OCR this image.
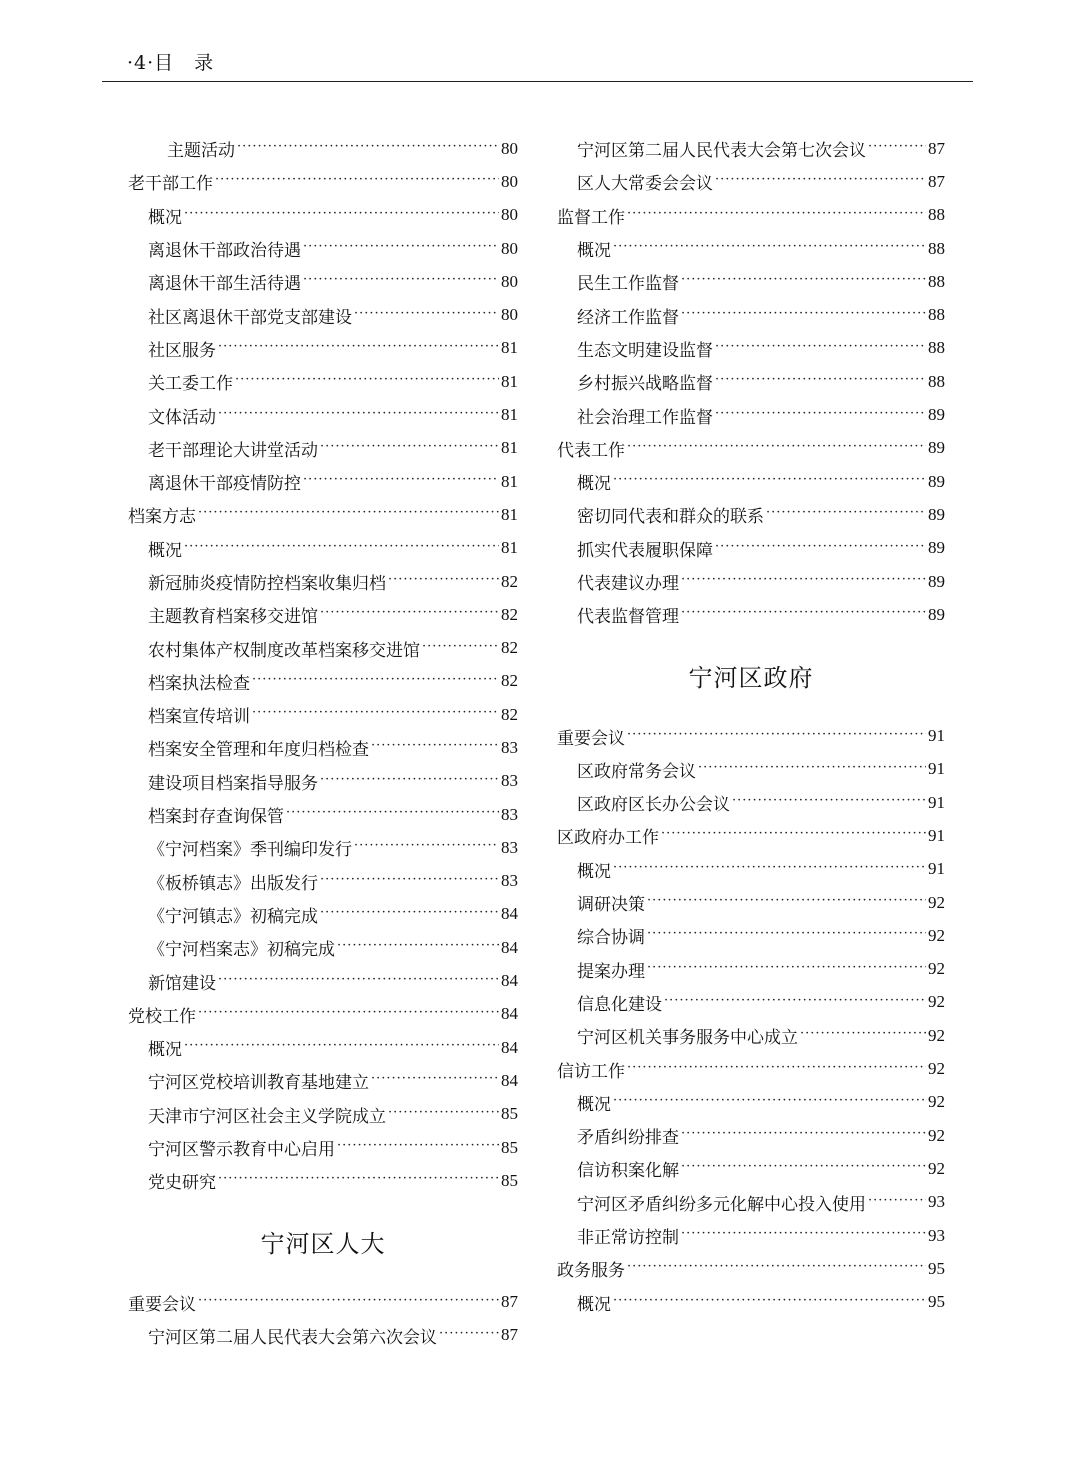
·4·目　录
主题活动 ·····	80
老干部工作 ·····	80
概况 ·····	80
离退休干部政治待遇 ·····	80
离退休干部生活待遇 ·····	80
社区离退休干部党支部建设 ·····	80
社区服务 ·····	81
关工委工作 ·····	81
文体活动 ·····	81
老干部理论大讲堂活动 ·····	81
离退休干部疫情防控 ·····	81
档案方志 ·····	81
概况 ·····	81
新冠肺炎疫情防控档案收集归档 ·····	82
主题教育档案移交进馆 ·····	82
农村集体产权制度改革档案移交进馆 ·····	82
档案执法检查 ·····	82
档案宣传培训 ·····	82
档案安全管理和年度归档检查 ·····	83
建设项目档案指导服务 ·····	83
档案封存查询保管 ·····	83
《宁河档案》季刊编印发行 ·····	83
《板桥镇志》出版发行 ·····	83
《宁河镇志》初稿完成 ·····	84
《宁河档案志》初稿完成 ·····	84
新馆建设 ·····	84
党校工作 ·····	84
概况 ·····	84
宁河区党校培训教育基地建立 ·····	84
天津市宁河区社会主义学院成立 ·····	85
宁河区警示教育中心启用 ·····	85
党史研究 ·····	85
宁河区人大
重要会议 ·····	87
宁河区第二届人民代表大会第六次会议 ·····	87
宁河区第二届人民代表大会第七次会议 ·····	87
区人大常委会会议 ·····	87
监督工作 ·····	88
概况 ·····	88
民生工作监督 ·····	88
经济工作监督 ·····	88
生态文明建设监督 ·····	88
乡村振兴战略监督 ·····	88
社会治理工作监督 ·····	89
代表工作 ·····	89
概况 ·····	89
密切同代表和群众的联系 ·····	89
抓实代表履职保障 ·····	89
代表建议办理 ·····	89
代表监督管理 ·····	89
宁河区政府
重要会议 ·····	91
区政府常务会议 ·····	91
区政府区长办公会议 ·····	91
区政府办工作 ·····	91
概况 ·····	91
调研决策 ·····	92
综合协调 ·····	92
提案办理 ·····	92
信息化建设 ·····	92
宁河区机关事务服务中心成立 ·····	92
信访工作 ·····	92
概况 ·····	92
矛盾纠纷排查 ·····	92
信访积案化解 ·····	92
宁河区矛盾纠纷多元化解中心投入使用 ·····	93
非正常访控制 ·····	93
政务服务 ·····	95
概况 ·····	95
